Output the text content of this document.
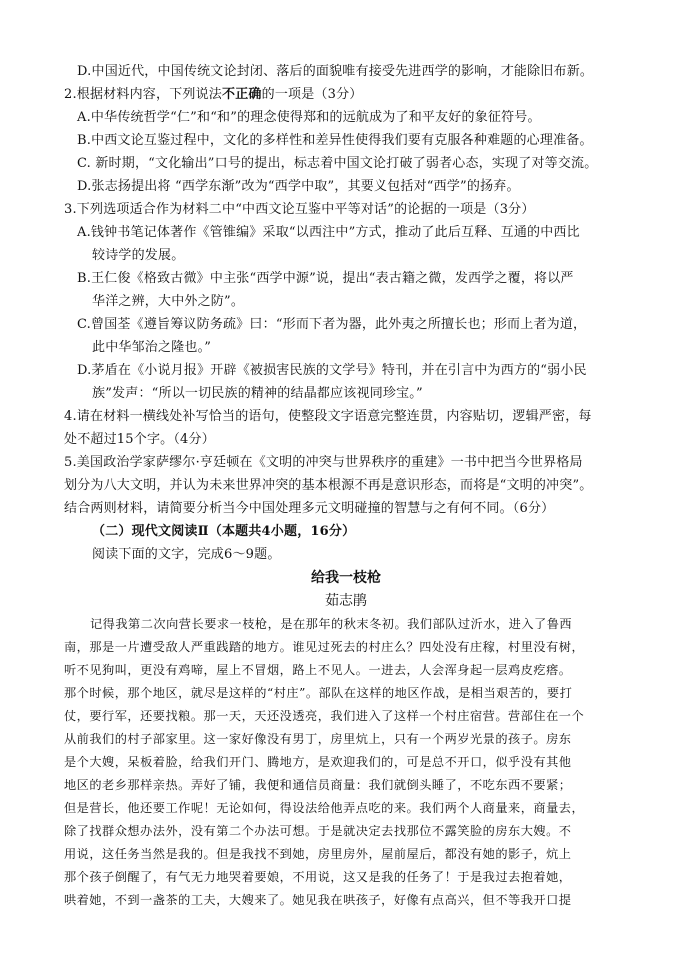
D.中国近代，中国传统文论封闭、落后的面貌唯有接受先进西学的影响，才能除旧布新。
2.根据材料内容，下列说法不正确的一项是（3分）
A.中华传统哲学“仁”和“和”的理念使得郑和的远航成为了和平友好的象征符号。
B.中西文论互鉴过程中，文化的多样性和差异性使得我们要有克服各种难题的心理准备。
C. 新时期，“文化输出”口号的提出，标志着中国文论打破了弱者心态，实现了对等交流。
D.张志扬提出将 “西学东渐”改为“西学中取”，其要义包括对“西学”的扬弃。
3.下列选项适合作为材料二中“中西文论互鉴中平等对话”的论据的一项是（3分）
A.钱钟书笔记体著作《管锥编》采取“以西注中”方式，推动了此后互释、互通的中西比
较诗学的发展。
B.王仁俊《格致古微》中主张“西学中源”说，提出“表古籍之微，发西学之覆，将以严
华洋之辨，大中外之防”。
C.曾国荃《遵旨筹议防务疏》曰：“形而下者为器，此外夷之所擅长也；形而上者为道，
此中华邹治之隆也。”
D.茅盾在《小说月报》开辟《被损害民族的文学号》特刊，并在引言中为西方的“弱小民
族”发声：“所以一切民族的精神的结晶都应该视同珍宝。”
4.请在材料一横线处补写恰当的语句，使整段文字语意完整连贯，内容贴切，逻辑严密，每
处不超过15个字。（4分）
5.美国政治学家萨缪尔·亨廷顿在《文明的冲突与世界秩序的重建》一书中把当今世界格局
划分为八大文明，并认为未来世界冲突的基本根源不再是意识形态，而将是“文明的冲突”。
结合两则材料，请简要分析当今中国处理多元文明碰撞的智慧与之有何不同。（6分）
（二）现代文阅读Ⅱ（本题共4小题，16分）
阅读下面的文字，完成6～9题。
给我一枝枪
茹志鹃
记得我第二次向营长要求一枝枪，是在那年的秋末冬初。我们部队过沂水，进入了鲁西
南，那是一片遭受敌人严重践踏的地方。谁见过死去的村庄么？四处没有庄稼，村里没有树，
听不见狗叫，更没有鸡啼，屋上不冒烟，路上不见人。一进去，人会浑身起一层鸡皮疙瘩。
那个时候，那个地区，就尽是这样的“村庄”。部队在这样的地区作战，是相当艰苦的，要打
仗，要行军，还要找粮。那一天，天还没透亮，我们进入了这样一个村庄宿营。营部住在一个
从前我们的村子部家里。这一家好像没有男丁，房里炕上，只有一个两岁光景的孩子。房东
是个大嫂，呆板着脸，给我们开门、腾地方，是欢迎我们的，可是总不开口，似乎没有其他
地区的老乡那样亲热。弄好了铺，我便和通信员商量：我们就倒头睡了，不吃东西不要紧；
但是营长，他还要工作呢！无论如何，得设法给他弄点吃的来。我们两个人商量来，商量去，
除了找群众想办法外，没有第二个办法可想。于是就决定去找那位不露笑脸的房东大嫂。不
用说，这任务当然是我的。但是我找不到她，房里房外，屋前屋后，都没有她的影子，炕上
那个孩子倒醒了，有气无力地哭着要娘，不用说，这又是我的任务了！于是我过去抱着她，
哄着她，不到一盏茶的工夫，大嫂来了。她见我在哄孩子，好像有点高兴，但不等我开口提
